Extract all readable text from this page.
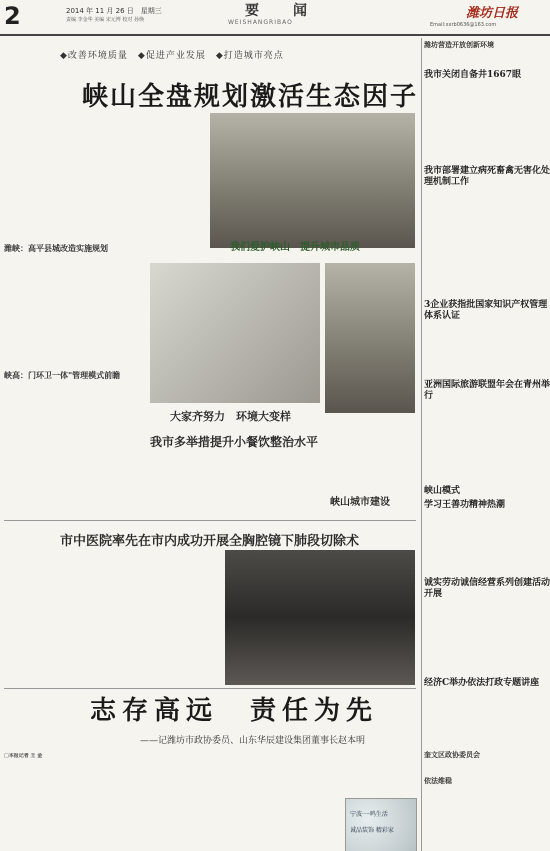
2	2014 年 11 月 26 日　星期三
责编 李金华 美编 宋元博 校对 孙焕
要　闻
WEISHANGRIBAO
潍坊日报
Email:xxrb0636@163.com
◆改善环境质量　◆促进产业发展　◆打造城市亮点
峡山全盘规划激活生态因子
潍峡：高平县城改造实施规划
峡高：门环卫一体"管理模式前瞻
我们爱护峡山　提升城市品质
大家齐努力　环境大变样
我市多举措提升小餐饮整治水平
峡山城市建设
市中医院率先在市内成功开展全胸腔镜下肺段切除术
志存高远　责任为先
——记潍坊市政协委员、山东华辰建设集团董事长赵本明
□本报记者 王 金
宁波·一鸣生活
诚品装饰 精彩家
潍坊营造开放创新环境
我市关闭自备井1667眼
我市部署建立病死畜禽无害化处理机制工作
3企业获指批国家知识产权管理体系认证
亚洲国际旅游联盟年会在青州举行
峡山模式
学习王善功精神热潮
诚实劳动诚信经营系列创建活动开展
经济C举办依法打政专题讲座
奎文区政协委员会
依法维稳
